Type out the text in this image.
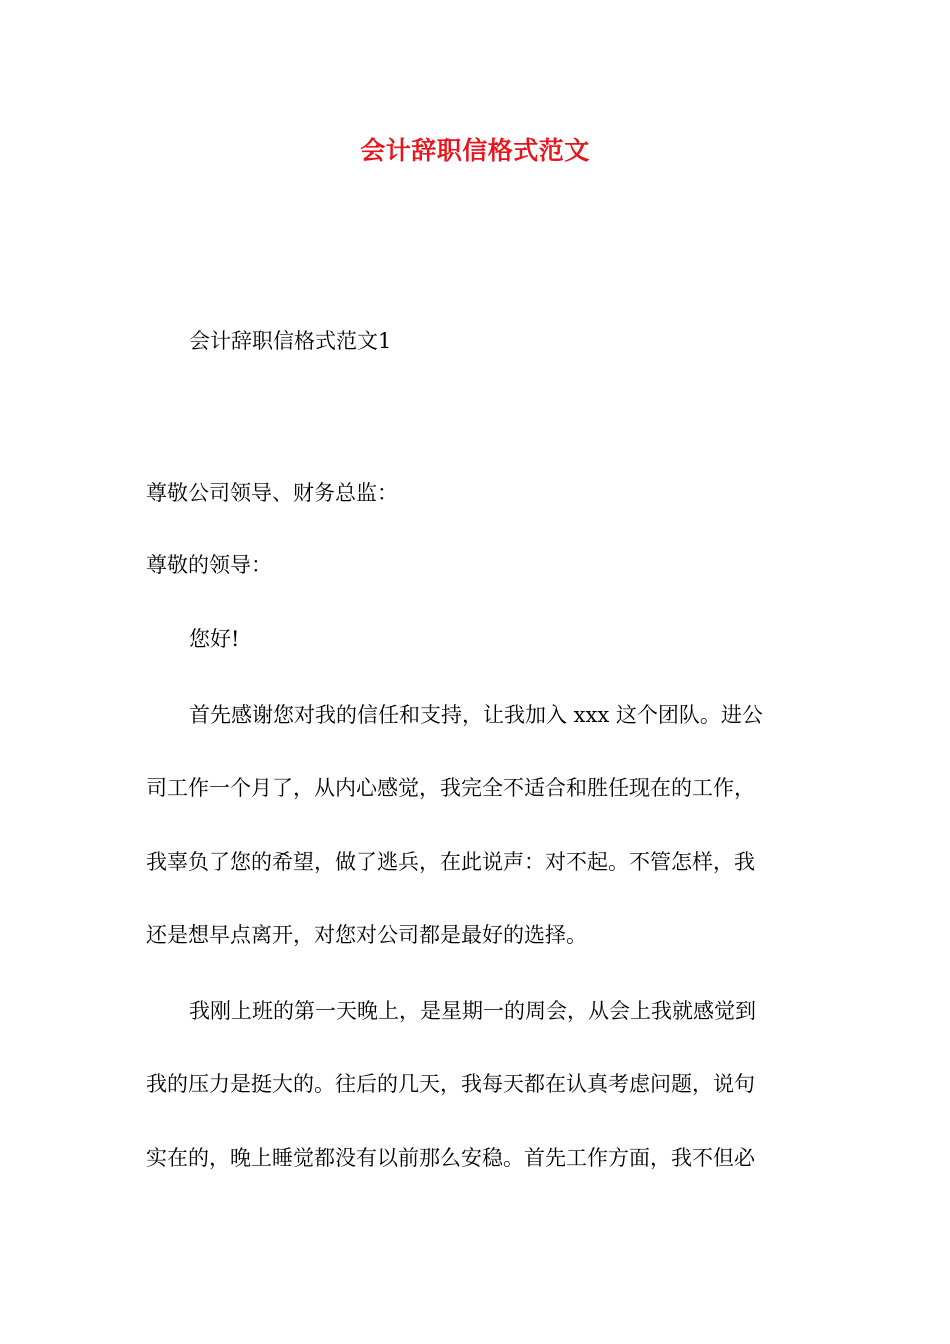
会计辞职信格式范文
会计辞职信格式范文1
尊敬公司领导、财务总监：
尊敬的领导：
您好!
首先感谢您对我的信任和支持，让我加入 xxx 这个团队。进公
司工作一个月了，从内心感觉，我完全不适合和胜任现在的工作，
我辜负了您的希望，做了逃兵，在此说声：对不起。不管怎样，我
还是想早点离开，对您对公司都是最好的选择。
我刚上班的第一天晚上，是星期一的周会，从会上我就感觉到
我的压力是挺大的。往后的几天，我每天都在认真考虑问题，说句
实在的，晚上睡觉都没有以前那么安稳。首先工作方面，我不但必
